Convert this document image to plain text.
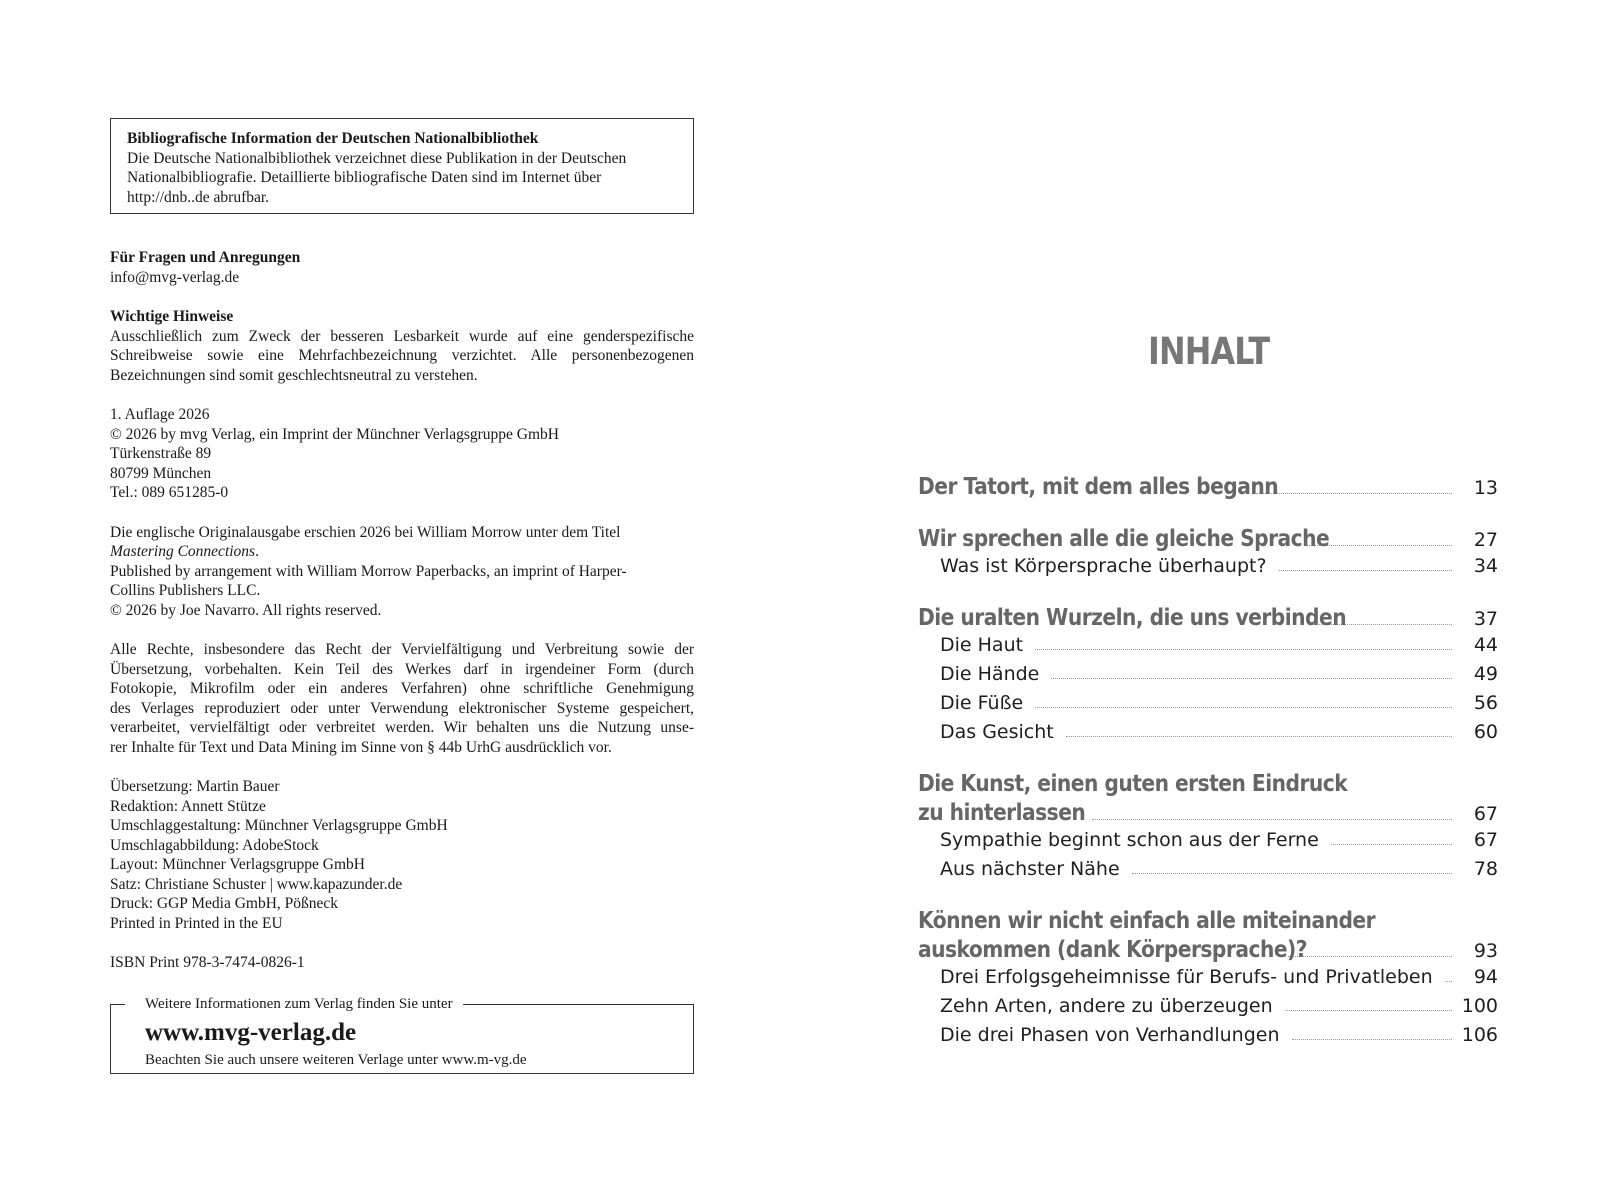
Bibliografische Information der Deutschen Nationalbibliothek
Die Deutsche Nationalbibliothek verzeichnet diese Publikation in der Deutschen
Nationalbibliografie. Detaillierte bibliografische Daten sind im Internet über
http://dnb..de abrufbar.
Für Fragen und Anregungen
info@mvg-verlag.de
Wichtige Hinweise
Ausschließlich zum Zweck der besseren Lesbarkeit wurde auf eine genderspezifische
Schreibweise sowie eine Mehrfachbezeichnung verzichtet. Alle personenbezogenen
Bezeichnungen sind somit geschlechtsneutral zu verstehen.
1. Auflage 2026
© 2026 by mvg Verlag, ein Imprint der Münchner Verlagsgruppe GmbH
Türkenstraße 89
80799 München
Tel.: 089 651285-0
Die englische Originalausgabe erschien 2026 bei William Morrow unter dem Titel
Mastering Connections.
Published by arrangement with William Morrow Paperbacks, an imprint of Harper-
Collins Publishers LLC.
© 2026 by Joe Navarro. All rights reserved.
Alle Rechte, insbesondere das Recht der Vervielfältigung und Verbreitung sowie der
Übersetzung, vorbehalten. Kein Teil des Werkes darf in irgendeiner Form (durch
Fotokopie, Mikrofilm oder ein anderes Verfahren) ohne schriftliche Genehmigung
des Verlages reproduziert oder unter Verwendung elektronischer Systeme gespeichert,
verarbeitet, vervielfältigt oder verbreitet werden. Wir behalten uns die Nutzung unse-
rer Inhalte für Text und Data Mining im Sinne von § 44b UrhG ausdrücklich vor.
Übersetzung: Martin Bauer
Redaktion: Annett Stütze
Umschlaggestaltung: Münchner Verlagsgruppe GmbH
Umschlagabbildung: AdobeStock
Layout: Münchner Verlagsgruppe GmbH
Satz: Christiane Schuster | www.kapazunder.de
Druck: GGP Media GmbH, Pößneck
Printed in Printed in the EU
ISBN Print 978-3-7474-0826-1
Weitere Informationen zum Verlag finden Sie unter
www.mvg-verlag.de
Beachten Sie auch unsere weiteren Verlage unter www.m-vg.de
INHALT
Der Tatort, mit dem alles begann	13
Wir sprechen alle die gleiche Sprache	27
Was ist Körpersprache überhaupt?	34
Die uralten Wurzeln, die uns verbinden	37
Die Haut	44
Die Hände	49
Die Füße	56
Das Gesicht	60
Die Kunst, einen guten ersten Eindruck
zu hinterlassen	67
Sympathie beginnt schon aus der Ferne	67
Aus nächster Nähe	78
Können wir nicht einfach alle miteinander
auskommen (dank Körpersprache)?	93
Drei Erfolgsgeheimnisse für Berufs- und Privatleben	94
Zehn Arten, andere zu überzeugen	100
Die drei Phasen von Verhandlungen	106
